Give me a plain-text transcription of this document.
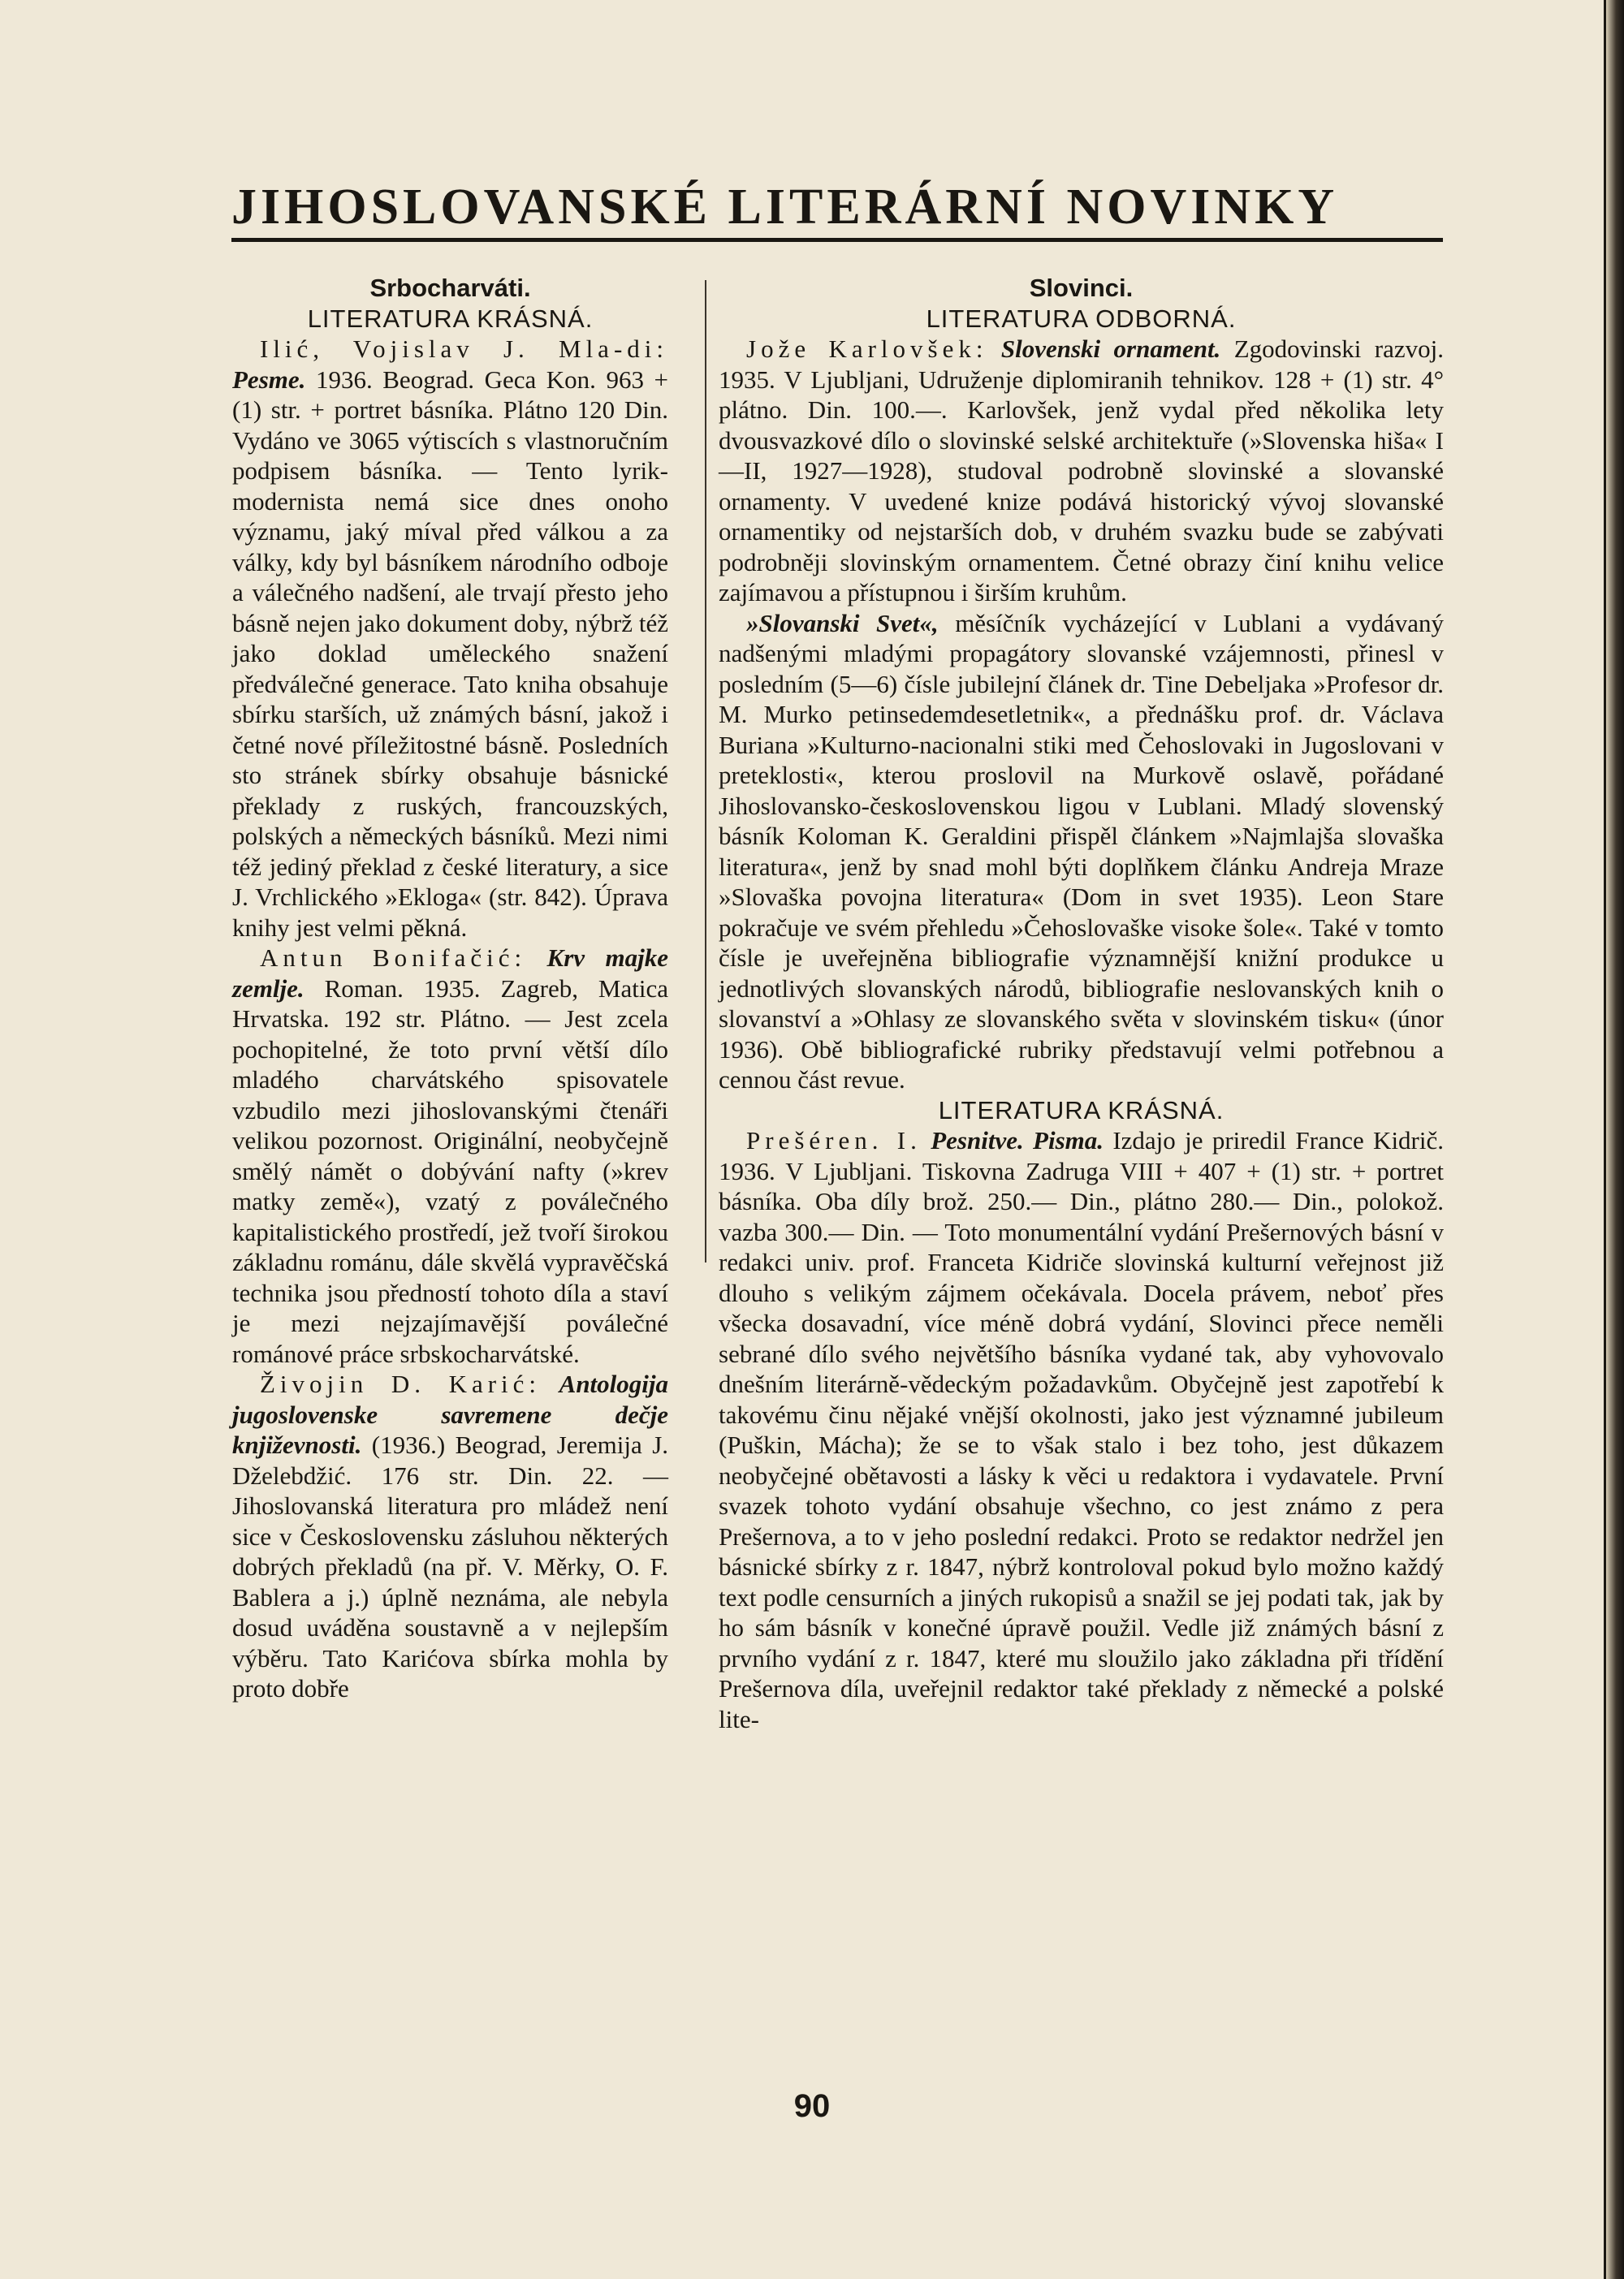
JIHOSLOVANSKÉ LITERÁRNÍ NOVINKY

Srbocharváti.

LITERATURA KRÁSNÁ.

Ilić, Vojislav J. Mla-di: Pesme. 1936. Beograd. Geca Kon. 963 + (1) str. + portret básníka. Plátno 120 Din. Vydáno ve 3065 výtiscích s vlastnoručním podpisem básníka. — Tento lyrik-modernista nemá sice dnes onoho významu, jaký míval před válkou a za války, kdy byl básníkem národního odboje a válečného nadšení, ale trvají přesto jeho básně nejen jako dokument doby, nýbrž též jako doklad uměleckého snažení předválečné generace. Tato kniha obsahuje sbírku starších, už známých básní, jakož i četné nové příležitostné básně. Posledních sto stránek sbírky obsahuje básnické překlady z ruských, francouzských, polských a německých básníků. Mezi nimi též jediný překlad z české literatury, a sice J. Vrchlického »Ekloga« (str. 842). Úprava knihy jest velmi pěkná.

Antun Bonifačić: Krv majke zemlje. Roman. 1935. Zagreb, Matica Hrvatska. 192 str. Plátno. — Jest zcela pochopitelné, že toto první větší dílo mladého charvátského spisovatele vzbudilo mezi jihoslovanskými čtenáři velikou pozornost. Originální, neobyčejně smělý námět o dobývání nafty (»krev matky země«), vzatý z poválečného kapitalistického prostředí, jež tvoří širokou základnu románu, dále skvělá vypravěčská technika jsou předností tohoto díla a staví je mezi nejzajímavější poválečné románové práce srbskocharvátské.

Živojin D. Karić: Antologija jugoslovenske savremene dečje književnosti. (1936.) Beograd, Jeremija J. Dželebdžić. 176 str. Din. 22. — Jihoslovanská literatura pro mládež není sice v Československu zásluhou některých dobrých překladů (na př. V. Měrky, O. F. Bablera a j.) úplně neznáma, ale nebyla dosud uváděna soustavně a v nejlepším výběru. Tato Karićova sbírka mohla by proto dobře

Slovinci.

LITERATURA ODBORNÁ.

Jože Karlovšek: Slovenski ornament. Zgodovinski razvoj. 1935. V Ljubljani, Udruženje diplomiranih tehnikov. 128 + (1) str. 4° plátno. Din. 100.—. Karlovšek, jenž vydal před několika lety dvousvazkové dílo o slovinské selské architektuře (»Slovenska hiša« I—II, 1927—1928), studoval podrobně slovinské a slovanské ornamenty. V uvedené knize podává historický vývoj slovanské ornamentiky od nejstarších dob, v druhém svazku bude se zabývati podrobněji slovinským ornamentem. Četné obrazy činí knihu velice zajímavou a přístupnou i širším kruhům.

»Slovanski Svet«, měsíčník vycházející v Lublani a vydávaný nadšenými mladými propagátory slovanské vzájemnosti, přinesl v posledním (5—6) čísle jubilejní článek dr. Tine Debeljaka »Profesor dr. M. Murko petinsedemdesetletnik«, a přednášku prof. dr. Václava Buriana »Kulturno-nacionalni stiki med Čehoslovaki in Jugoslovani v preteklosti«, kterou proslovil na Murkově oslavě, pořádané Jihoslovansko-československou ligou v Lublani. Mladý slovenský básník Koloman K. Geraldini přispěl článkem »Najmlajša slovaška literatura«, jenž by snad mohl býti doplňkem článku Andreja Mraze »Slovaška povojna literatura« (Dom in svet 1935). Leon Stare pokračuje ve svém přehledu »Čehoslovaške visoke šole«. Také v tomto čísle je uveřejněna bibliografie významnější knižní produkce u jednotlivých slovanských národů, bibliografie neslovanských knih o slovanství a »Ohlasy ze slovanského světa v slovinském tisku« (únor 1936). Obě bibliografické rubriky představují velmi potřebnou a cennou část revue.

LITERATURA KRÁSNÁ.

Prešéren. I. Pesnitve. Pisma. Izdajo je priredil France Kidrič. 1936. V Ljubljani. Tiskovna Zadruga VIII + 407 + (1) str. + portret básníka. Oba díly brož. 250.— Din., plátno 280.— Din., polokož. vazba 300.— Din. — Toto monumentální vydání Prešernových básní v redakci univ. prof. Franceta Kidriče slovinská kulturní veřejnost již dlouho s velikým zájmem očekávala. Docela právem, neboť přes všecka dosavadní, více méně dobrá vydání, Slovinci přece neměli sebrané dílo svého největšího básníka vydané tak, aby vyhovovalo dnešním literárně-vědeckým požadavkům. Obyčejně jest zapotřebí k takovému činu nějaké vnější okolnosti, jako jest významné jubileum (Puškin, Mácha); že se to však stalo i bez toho, jest důkazem neobyčejné obětavosti a lásky k věci u redaktora i vydavatele. První svazek tohoto vydání obsahuje všechno, co jest známo z pera Prešernova, a to v jeho poslední redakci. Proto se redaktor nedržel jen básnické sbírky z r. 1847, nýbrž kontroloval pokud bylo možno každý text podle censurních a jiných rukopisů a snažil se jej podati tak, jak by ho sám básník v konečné úpravě použil. Vedle již známých básní z prvního vydání z r. 1847, které mu sloužilo jako základna při třídění Prešernova díla, uveřejnil redaktor také překlady z německé a polské lite-

90
